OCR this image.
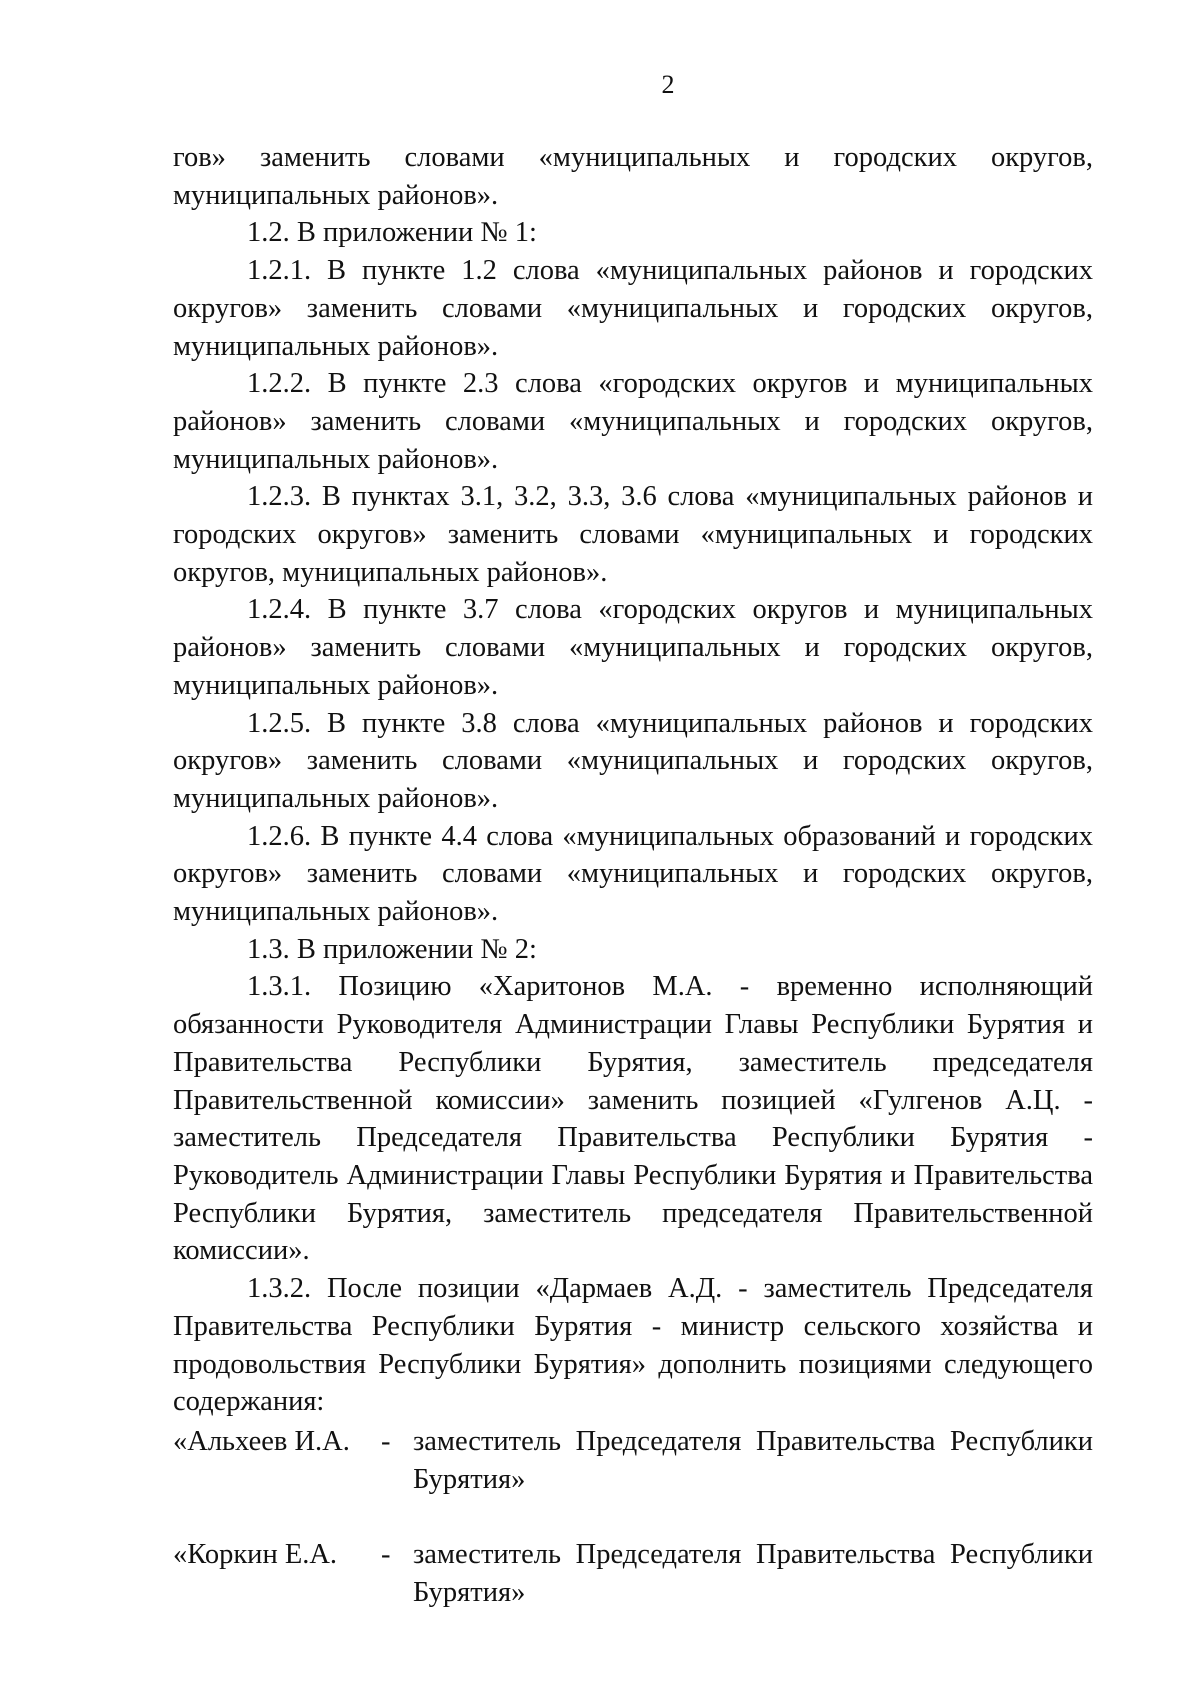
2

гов» заменить словами «муниципальных и городских округов, муниципальных районов».

1.2. В приложении № 1:

1.2.1. В пункте 1.2 слова «муниципальных районов и городских округов» заменить словами «муниципальных и городских округов, муниципальных районов».

1.2.2. В пункте 2.3 слова «городских округов и муниципальных районов» заменить словами «муниципальных и городских округов, муниципальных районов».

1.2.3. В пунктах 3.1, 3.2, 3.3, 3.6 слова «муниципальных районов и городских округов» заменить словами «муниципальных и городских округов, муниципальных районов».

1.2.4. В пункте 3.7 слова «городских округов и муниципальных районов» заменить словами «муниципальных и городских округов, муниципальных районов».

1.2.5. В пункте 3.8 слова «муниципальных районов и городских округов» заменить словами «муниципальных и городских округов, муниципальных районов».

1.2.6. В пункте 4.4 слова «муниципальных образований и городских округов» заменить словами «муниципальных и городских округов, муниципальных районов».

1.3. В приложении № 2:

1.3.1. Позицию «Харитонов М.А. - временно исполняющий обязанности Руководителя Администрации Главы Республики Бурятия и Правительства Республики Бурятия, заместитель председателя Правительственной комиссии» заменить позицией «Гулгенов А.Ц. - заместитель Председателя Правительства Республики Бурятия - Руководитель Администрации Главы Республики Бурятия и Правительства Республики Бурятия, заместитель председателя Правительственной комиссии».

1.3.2. После позиции «Дармаев А.Д. - заместитель Председателя Правительства Республики Бурятия - министр сельского хозяйства и продовольствия Республики Бурятия» дополнить позициями следующего содержания:

«Альхеев И.А.	- заместитель Председателя Правительства Республики Бурятия»
«Коркин Е.А.	- заместитель Председателя Правительства Республики Бурятия»
